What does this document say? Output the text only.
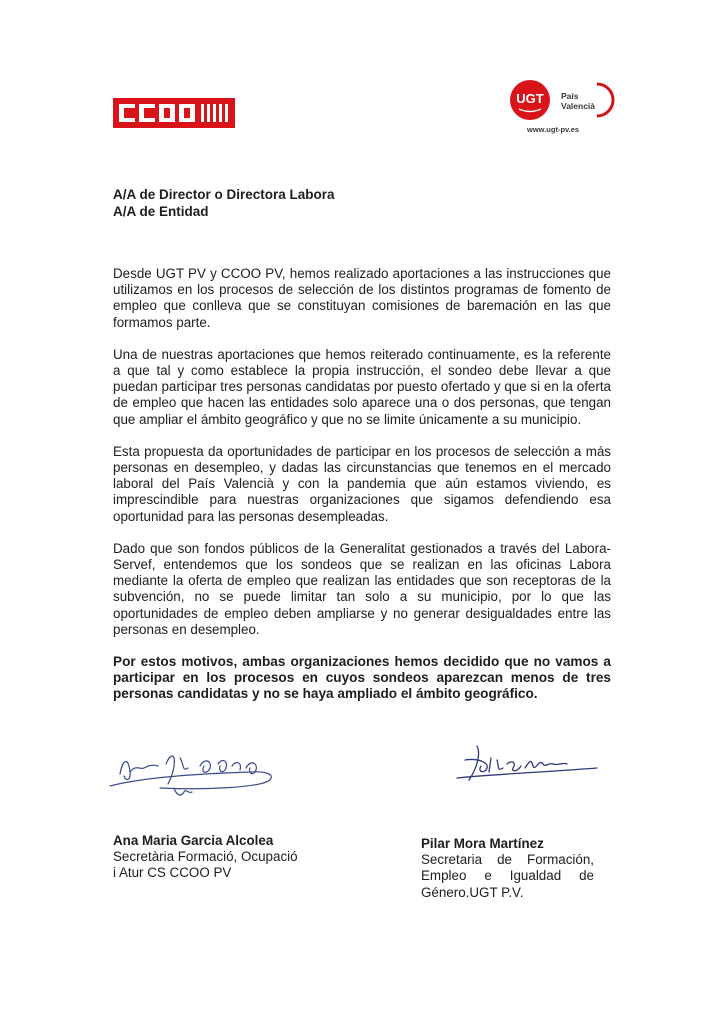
UGT País
Valencià
www.ugt-pv.es
A/A de Director o Directora Labora
A/A de Entidad

Desde UGT PV y CCOO PV, hemos realizado aportaciones a las instrucciones que utilizamos en los procesos de selección de los distintos programas de fomento de empleo que conlleva que se constituyan comisiones de baremación en las que formamos parte.

Una de nuestras aportaciones que hemos reiterado continuamente, es la referente a que tal y como establece la propia instrucción, el sondeo debe llevar a que puedan participar tres personas candidatas por puesto ofertado y que si en la oferta de empleo que hacen las entidades solo aparece una o dos personas, que tengan que ampliar el ámbito geográfico y que no se limite únicamente a su municipio.

Esta propuesta da oportunidades de participar en los procesos de selección a más personas en desempleo, y dadas las circunstancias que tenemos en el mercado laboral del País Valencià y con la pandemia que aún estamos viviendo, es imprescindible para nuestras organizaciones que sigamos defendiendo esa oportunidad para las personas desempleadas.

Dado que son fondos públicos de la Generalitat gestionados a través del Labora-Servef, entendemos que los sondeos que se realizan en las oficinas Labora mediante la oferta de empleo que realizan las entidades que son receptoras de la subvención, no se puede limitar tan solo a su municipio, por lo que las oportunidades de empleo deben ampliarse y no generar desigualdades entre las personas en desempleo.

Por estos motivos, ambas organizaciones hemos decidido que no vamos a participar en los procesos en cuyos sondeos aparezcan menos de tres personas candidatas y no se haya ampliado el ámbito geográfico.

Ana Maria Garcia Alcolea
Secretària Formació, Ocupació i Atur CS CCOO PV
Pilar Mora Martínez
Secretaria de Formación, Empleo e Igualdad de Género.UGT P.V.
